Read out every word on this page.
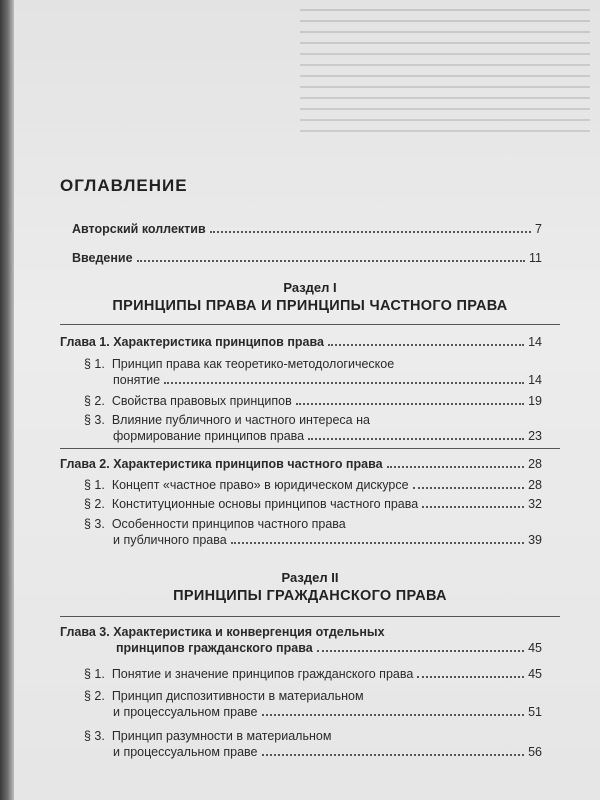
ОГЛАВЛЕНИЕ
Авторский коллектив	7
Введение	11
Раздел I
ПРИНЦИПЫ ПРАВА И ПРИНЦИПЫ ЧАСТНОГО ПРАВА
Глава 1. Характеристика принципов права	14
§ 1. Принцип права как теоретико-методологическое
понятие	14
§ 2. Свойства правовых принципов	19
§ 3. Влияние публичного и частного интереса на
формирование принципов права	23
Глава 2. Характеристика принципов частного права	28
§ 1. Концепт «частное право» в юридическом дискурсе	28
§ 2. Конституционные основы принципов частного права	32
§ 3. Особенности принципов частного права
и публичного права	39
Раздел II
ПРИНЦИПЫ ГРАЖДАНСКОГО ПРАВА
Глава 3. Характеристика и конвергенция отдельных
принципов гражданского права	45
§ 1. Понятие и значение принципов гражданского права	45
§ 2. Принцип диспозитивности в материальном
и процессуальном праве	51
§ 3. Принцип разумности в материальном
и процессуальном праве	56
